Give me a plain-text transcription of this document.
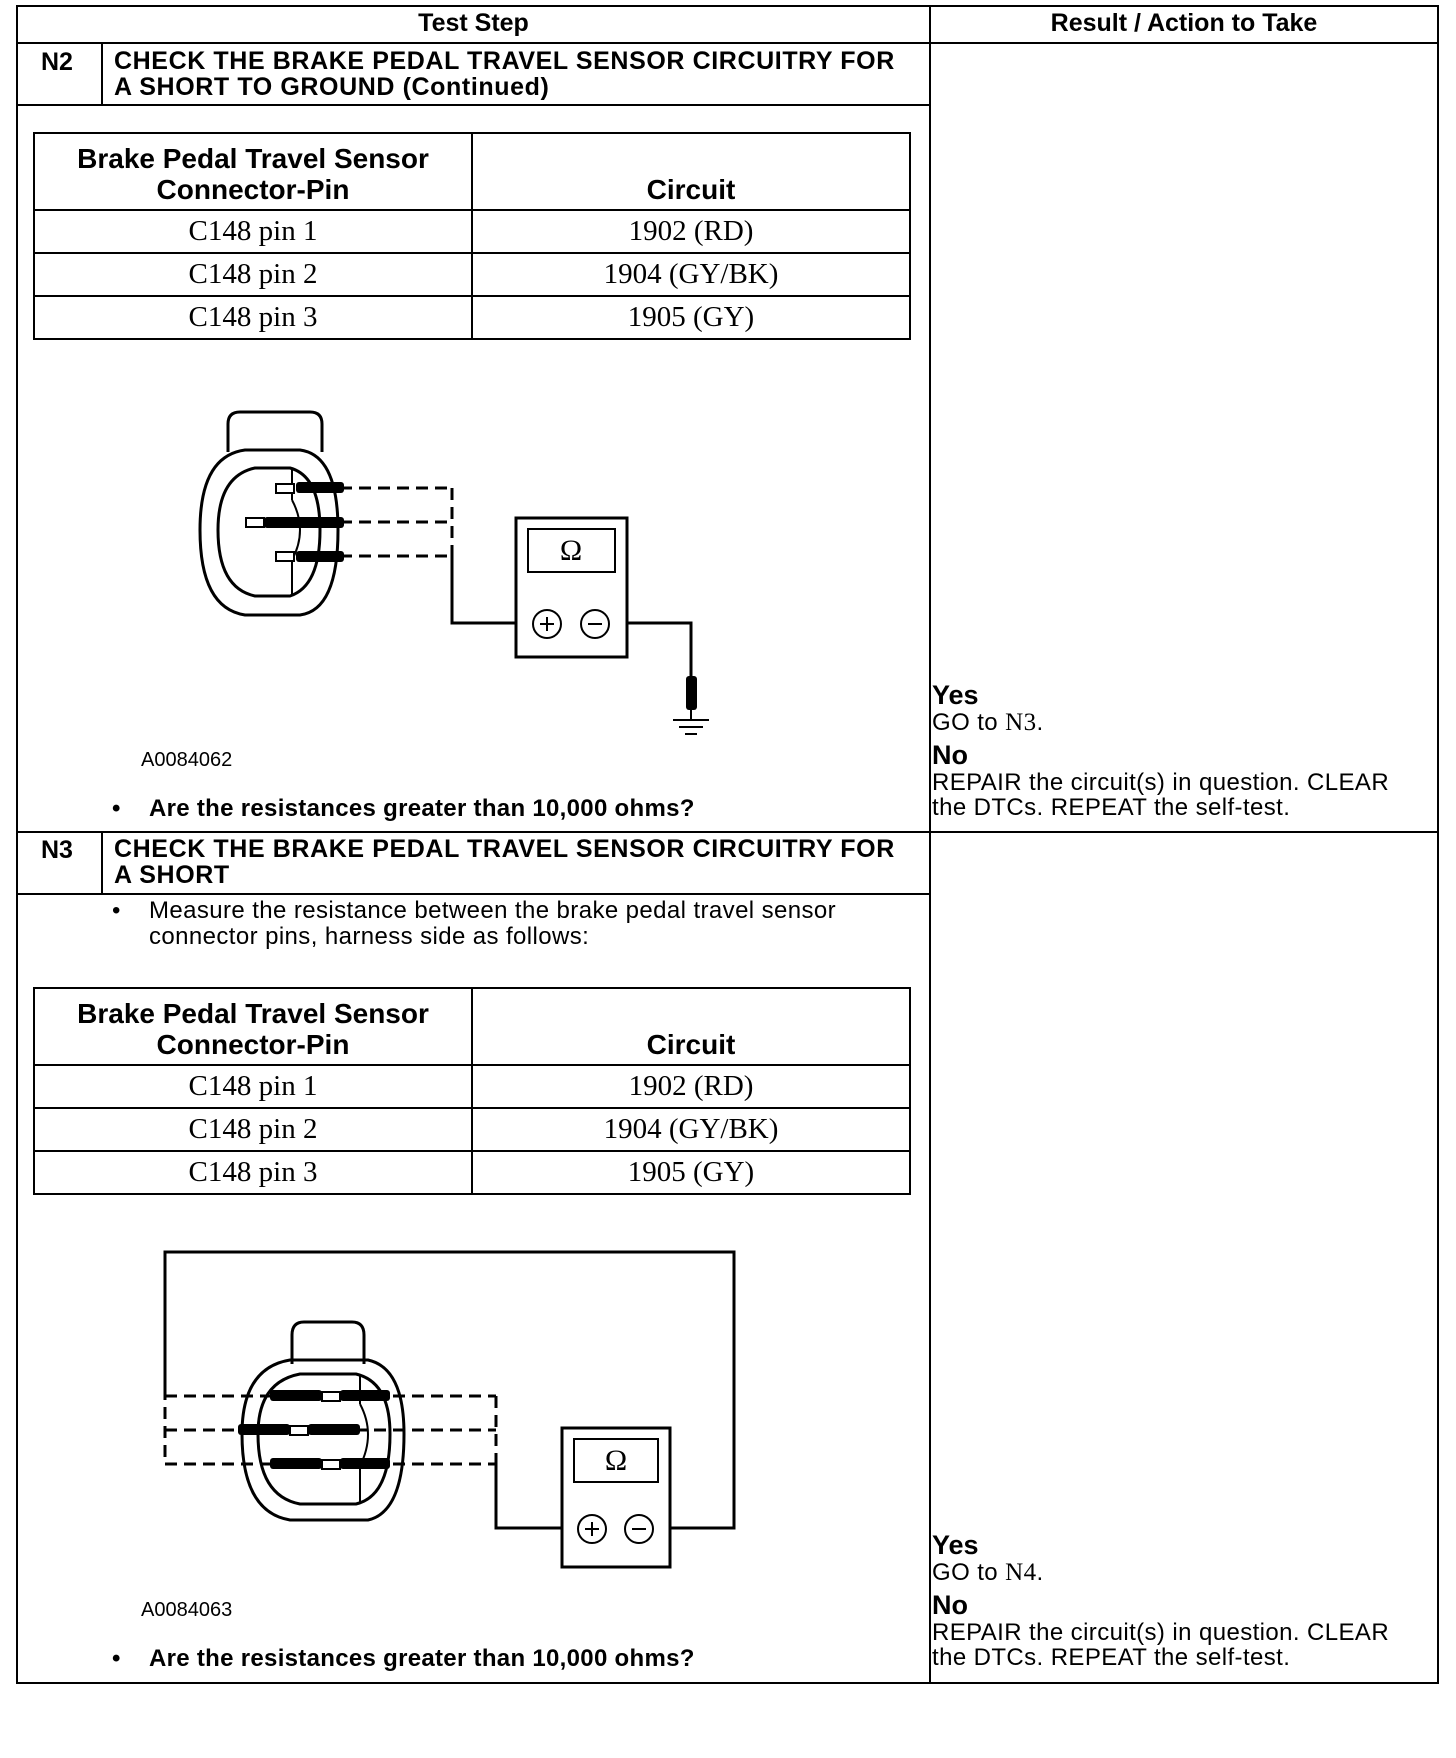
Test Step	Result / Action to Take
N2 CHECK THE BRAKE PEDAL TRAVEL SENSOR CIRCUITRY FOR
A SHORT TO GROUND (Continued)
Brake Pedal Travel Sensor
Connector-Pin	Circuit
C148 pin 1	1902 (RD)
C148 pin 2	1904 (GY/BK)
C148 pin 3	1905 (GY)
Ω
A0084062
• Are the resistances greater than 10,000 ohms?
Yes
GO to N3.
No
REPAIR the circuit(s) in question. CLEAR
the DTCs. REPEAT the self-test.
N3 CHECK THE BRAKE PEDAL TRAVEL SENSOR CIRCUITRY FOR
A SHORT
• Measure the resistance between the brake pedal travel sensor
connector pins, harness side as follows:
Brake Pedal Travel Sensor
Connector-Pin	Circuit
C148 pin 1	1902 (RD)
C148 pin 2	1904 (GY/BK)
C148 pin 3	1905 (GY)
Ω
A0084063
• Are the resistances greater than 10,000 ohms?
Yes
GO to N4.
No
REPAIR the circuit(s) in question. CLEAR
the DTCs. REPEAT the self-test.
